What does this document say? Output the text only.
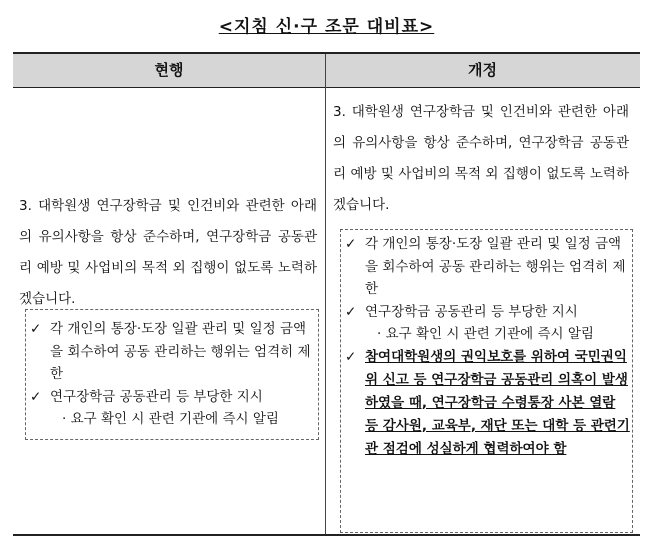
<지침 신·구 조문 대비표>
현행	개정
3. 대학원생 연구장학금 및 인건비와 관련한 아래의 유의사항을 항상 준수하며, 연구장학금 공동관리 예방 및 사업비의 목적 외 집행이 없도록 노력하겠습니다.
✓ 각 개인의 통장·도장 일괄 관리 및 일정 금액을 회수하여 공동 관리하는 행위는 엄격히 제한
✓ 연구장학금 공동관리 등 부당한 지시
· 요구 확인 시 관련 기관에 즉시 알림
3. 대학원생 연구장학금 및 인건비와 관련한 아래의 유의사항을 항상 준수하며, 연구장학금 공동관리 예방 및 사업비의 목적 외 집행이 없도록 노력하겠습니다.
✓ 각 개인의 통장·도장 일괄 관리 및 일정 금액을 회수하여 공동 관리하는 행위는 엄격히 제한
✓ 연구장학금 공동관리 등 부당한 지시
· 요구 확인 시 관련 기관에 즉시 알림
✓ 참여대학원생의 권익보호를 위하여 국민권익위 신고 등 연구장학금 공동관리 의혹이 발생하였을 때, 연구장학금 수령통장 사본 열람 등 감사원, 교육부, 재단 또는 대학 등 관련기관 점검에 성실하게 협력하여야 함
